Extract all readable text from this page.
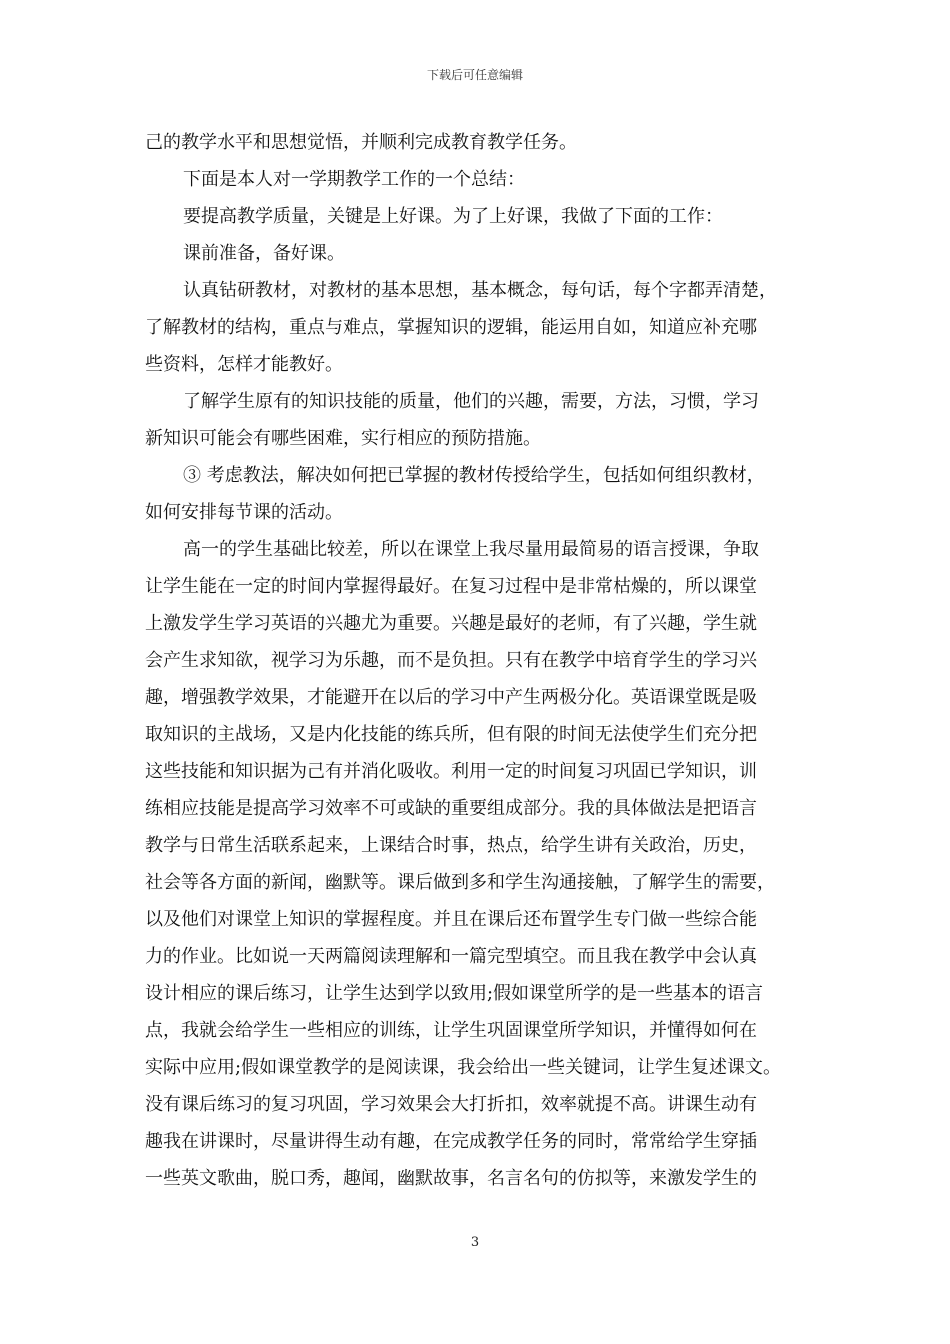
下载后可任意编辑
己的教学水平和思想觉悟，并顺利完成教育教学任务。
下面是本人对一学期教学工作的一个总结：
要提高教学质量，关键是上好课。为了上好课，我做了下面的工作：
课前准备，备好课。
认真钻研教材，对教材的基本思想，基本概念，每句话，每个字都弄清楚，
了解教材的结构，重点与难点，掌握知识的逻辑，能运用自如，知道应补充哪
些资料，怎样才能教好。
了解学生原有的知识技能的质量，他们的兴趣，需要，方法，习惯，学习
新知识可能会有哪些困难，实行相应的预防措施。
③ 考虑教法，解决如何把已掌握的教材传授给学生，包括如何组织教材，
如何安排每节课的活动。
高一的学生基础比较差，所以在课堂上我尽量用最简易的语言授课，争取
让学生能在一定的时间内掌握得最好。在复习过程中是非常枯燥的，所以课堂
上激发学生学习英语的兴趣尤为重要。兴趣是最好的老师，有了兴趣，学生就
会产生求知欲，视学习为乐趣，而不是负担。只有在教学中培育学生的学习兴
趣，增强教学效果，才能避开在以后的学习中产生两极分化。英语课堂既是吸
取知识的主战场，又是内化技能的练兵所，但有限的时间无法使学生们充分把
这些技能和知识据为己有并消化吸收。利用一定的时间复习巩固已学知识，训
练相应技能是提高学习效率不可或缺的重要组成部分。我的具体做法是把语言
教学与日常生活联系起来，上课结合时事，热点，给学生讲有关政治，历史，
社会等各方面的新闻，幽默等。课后做到多和学生沟通接触，了解学生的需要，
以及他们对课堂上知识的掌握程度。并且在课后还布置学生专门做一些综合能
力的作业。比如说一天两篇阅读理解和一篇完型填空。而且我在教学中会认真
设计相应的课后练习，让学生达到学以致用;假如课堂所学的是一些基本的语言
点，我就会给学生一些相应的训练，让学生巩固课堂所学知识，并懂得如何在
实际中应用;假如课堂教学的是阅读课，我会给出一些关键词，让学生复述课文。
没有课后练习的复习巩固，学习效果会大打折扣，效率就提不高。讲课生动有
趣我在讲课时，尽量讲得生动有趣，在完成教学任务的同时，常常给学生穿插
一些英文歌曲，脱口秀，趣闻，幽默故事，名言名句的仿拟等，来激发学生的
3
